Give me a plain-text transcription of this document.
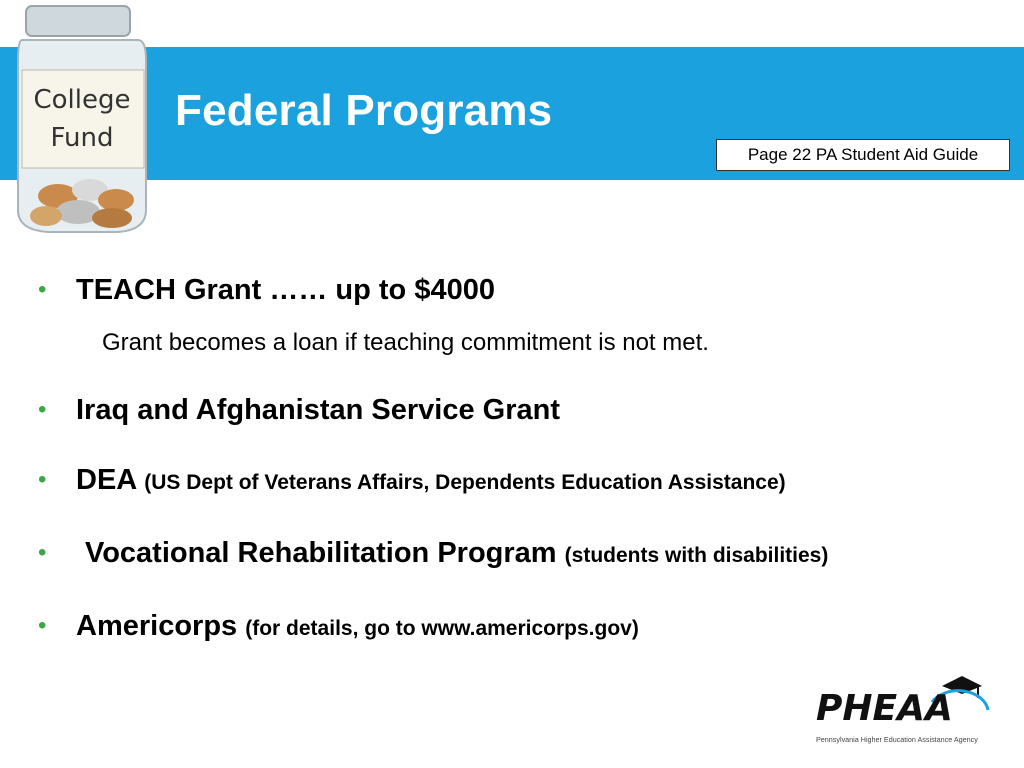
College
Fund
Federal Programs
Page 22 PA Student Aid Guide
• TEACH Grant …… up to $4000
Grant becomes a loan if teaching commitment is not met.
• Iraq and Afghanistan Service Grant
• DEA (US Dept of Veterans Affairs, Dependents Education Assistance)
• Vocational Rehabilitation Program (students with disabilities)
• Americorps (for details, go to www.americorps.gov)
PHEAA
Pennsylvania Higher Education Assistance Agency
